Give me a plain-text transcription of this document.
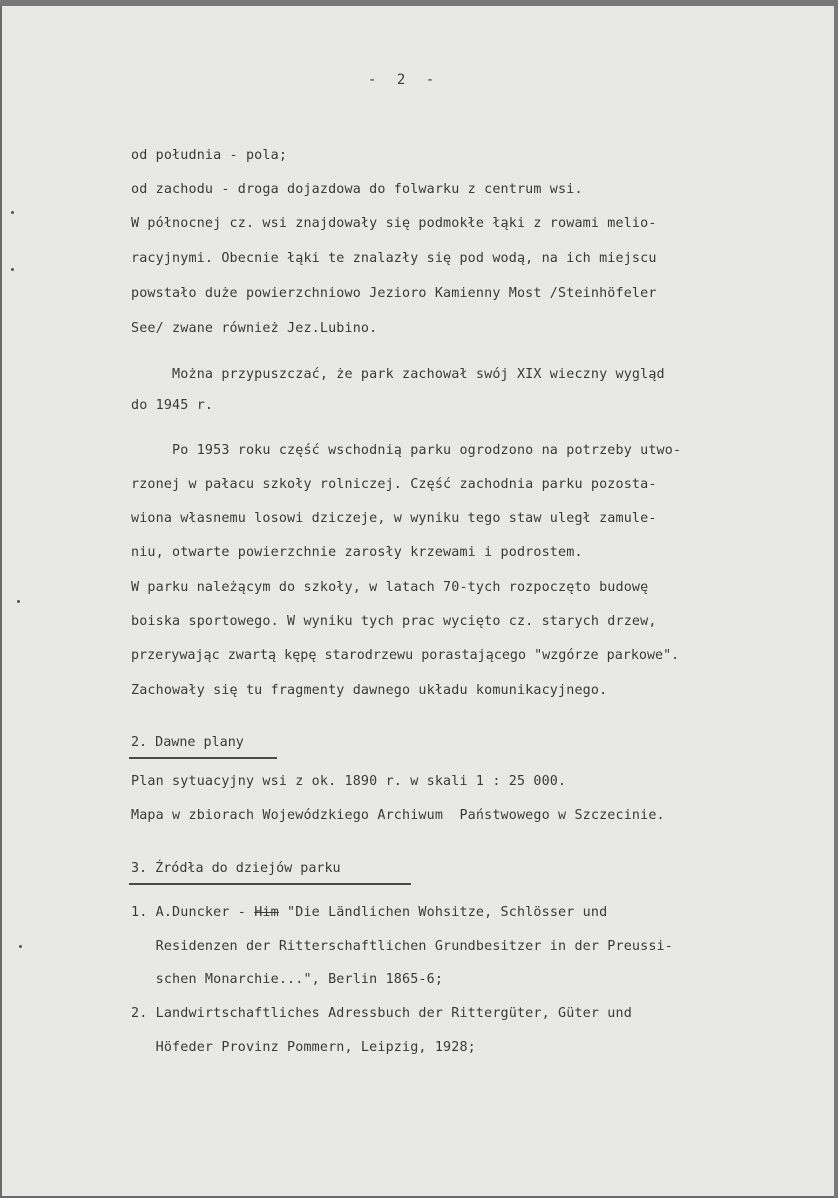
- 2 -
od południa - pola;
od zachodu - droga dojazdowa do folwarku z centrum wsi.
W północnej cz. wsi znajdowały się podmokłe łąki z rowami melio-
racyjnymi. Obecnie łąki te znalazły się pod wodą, na ich miejscu
powstało duże powierzchniowo Jezioro Kamienny Most /Steinhöfeler
See/ zwane również Jez.Lubino.
Można przypuszczać, że park zachował swój XIX wieczny wygląd
do 1945 r.
Po 1953 roku część wschodnią parku ogrodzono na potrzeby utwo-
rzonej w pałacu szkoły rolniczej. Część zachodnia parku pozosta-
wiona własnemu losowi dziczeje, w wyniku tego staw uległ zamule-
niu, otwarte powierzchnie zarosły krzewami i podrostem.
W parku należącym do szkoły, w latach 70-tych rozpoczęto budowę
boiska sportowego. W wyniku tych prac wycięto cz. starych drzew,
przerywając zwartą kępę starodrzewu porastającego "wzgórze parkowe".
Zachowały się tu fragmenty dawnego układu komunikacyjnego.
2. Dawne plany
Plan sytuacyjny wsi z ok. 1890 r. w skali 1 : 25 000.
Mapa w zbiorach Wojewódzkiego Archiwum  Państwowego w Szczecinie.
3. Źródła do dziejów parku
1. A.Duncker - Him "Die Ländlichen Wohsitze, Schlösser und
Residenzen der Ritterschaftlichen Grundbesitzer in der Preussi-
schen Monarchie...", Berlin 1865-6;
2. Landwirtschaftliches Adressbuch der Rittergüter, Güter und
Höfeder Provinz Pommern, Leipzig, 1928;
